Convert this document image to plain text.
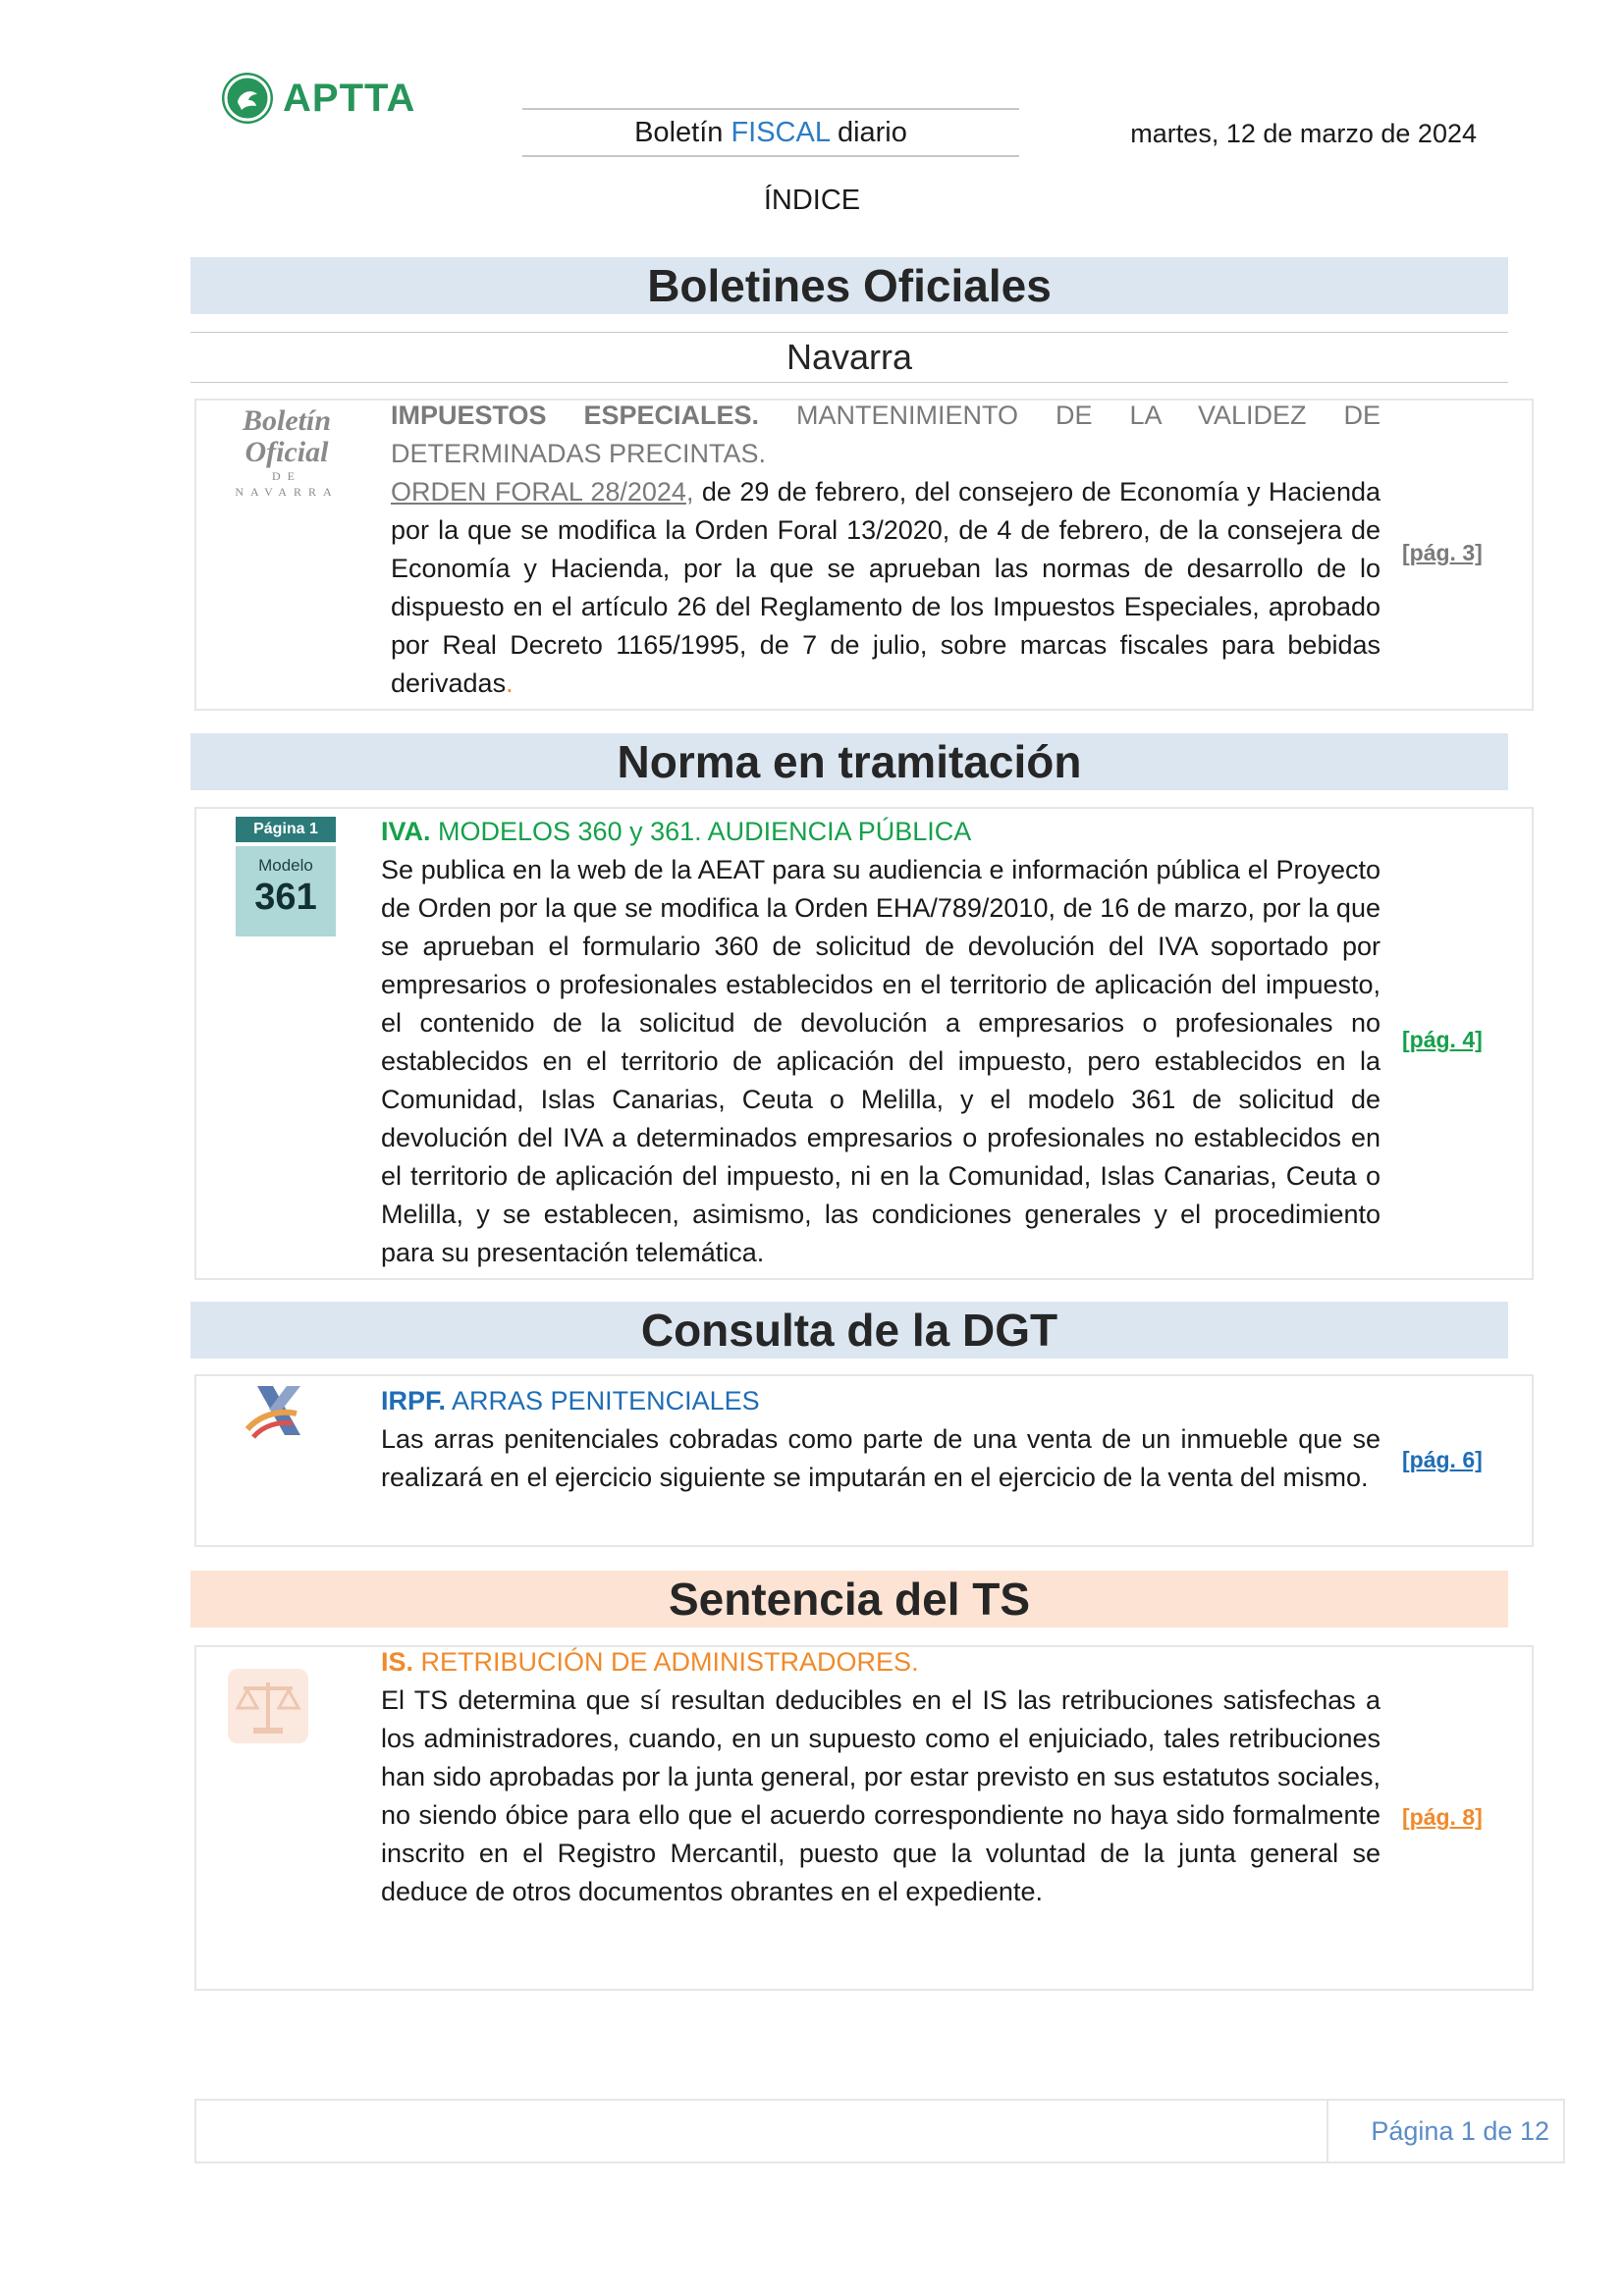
APTTA
Boletín FISCAL diario	martes, 12 de marzo de 2024
ÍNDICE
Boletines Oficiales
Navarra
Boletín Oficial
DE NAVARRA

IMPUESTOS ESPECIALES. MANTENIMIENTO DE LA VALIDEZ DE DETERMINADAS PRECINTAS.

ORDEN FORAL 28/2024, de 29 de febrero, del consejero de Economía y Hacienda por la que se modifica la Orden Foral 13/2020, de 4 de febrero, de la consejera de Economía y Hacienda, por la que se aprueban las normas de desarrollo de lo dispuesto en el artículo 26 del Reglamento de los Impuestos Especiales, aprobado por Real Decreto 1165/1995, de 7 de julio, sobre marcas fiscales para bebidas derivadas.

[pág. 3]
Norma en tramitación
Página 1
Modelo
361

IVA. MODELOS 360 y 361. AUDIENCIA PÚBLICA

Se publica en la web de la AEAT para su audiencia e información pública el Proyecto de Orden por la que se modifica la Orden EHA/789/2010, de 16 de marzo, por la que se aprueban el formulario 360 de solicitud de devolución del IVA soportado por empresarios o profesionales establecidos en el territorio de aplicación del impuesto, el contenido de la solicitud de devolución a empresarios o profesionales no establecidos en el territorio de aplicación del impuesto, pero establecidos en la Comunidad, Islas Canarias, Ceuta o Melilla, y el modelo 361 de solicitud de devolución del IVA a determinados empresarios o profesionales no establecidos en el territorio de aplicación del impuesto, ni en la Comunidad, Islas Canarias, Ceuta o Melilla, y se establecen, asimismo, las condiciones generales y el procedimiento para su presentación telemática.

[pág. 4]
Consulta de la DGT

IRPF. ARRAS PENITENCIALES

Las arras penitenciales cobradas como parte de una venta de un inmueble que se realizará en el ejercicio siguiente se imputarán en el ejercicio de la venta del mismo.

[pág. 6]
Sentencia del TS

IS. RETRIBUCIÓN DE ADMINISTRADORES.

El TS determina que sí resultan deducibles en el IS las retribuciones satisfechas a los administradores, cuando, en un supuesto como el enjuiciado, tales retribuciones han sido aprobadas por la junta general, por estar previsto en sus estatutos sociales, no siendo óbice para ello que el acuerdo correspondiente no haya sido formalmente inscrito en el Registro Mercantil, puesto que la voluntad de la junta general se deduce de otros documentos obrantes en el expediente.

[pág. 8]
Página 1 de 12
